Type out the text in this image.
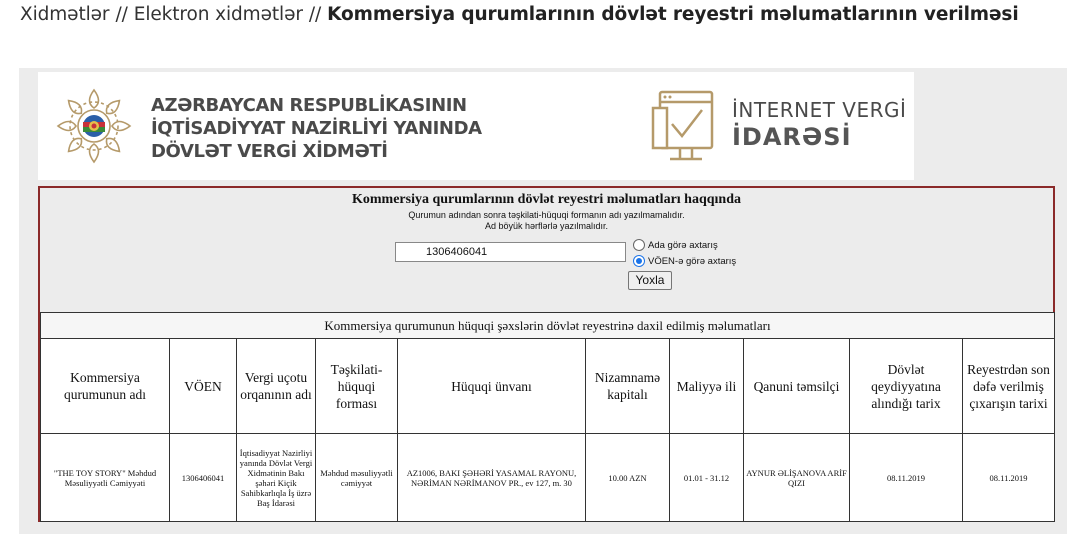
Xidmətlər // Elektron xidmətlər // Kommersiya qurumlarının dövlət reyestri məlumatlarının verilməsi
AZƏRBAYCAN RESPUBLİKASININ
İQTİSADİYYAT NAZİRLİYİ YANINDA
DÖVLƏT VERGİ XİDMƏTİ
İNTERNET VERGİ
İDARƏSİ
Kommersiya qurumlarının dövlət reyestri məlumatları haqqında
Qurumun adından sonra təşkilati-hüquqi formanın adı yazılmamalıdır.
Ad böyük hərflərlə yazılmalıdır.
1306406041
Ada görə axtarış
VÖEN-ə görə axtarış
Yoxla
Kommersiya qurumunun hüquqi şəxslərin dövlət reyestrinə daxil edilmiş məlumatları									
Kommersiya qurumunun adı	VÖEN	Vergi uçotu orqanının adı	Təşkilati-hüquqi forması	Hüquqi ünvanı	Nizamnamə kapitalı	Maliyyə ili	Qanuni təmsilçi	Dövlət qeydiyyatına alındığı tarix	Reyestrdən son dəfə verilmiş çıxarışın tarixi
"THE TOY STORY" Məhdud Məsuliyyətli Cəmiyyəti	1306406041	İqtisadiyyat Nazirliyi yanında Dövlət Vergi Xidmətinin Bakı şəhəri Kiçik Sahibkarlıqla İş üzrə Baş İdarəsi	Məhdud məsuliyyətli cəmiyyət	AZ1006, BAKI ŞƏHƏRİ YASAMAL RAYONU, NƏRİMAN NƏRİMANOV PR., ev 127, m. 30	10.00 AZN	01.01 - 31.12	AYNUR ƏLİŞANOVA ARİF QIZI	08.11.2019	08.11.2019
